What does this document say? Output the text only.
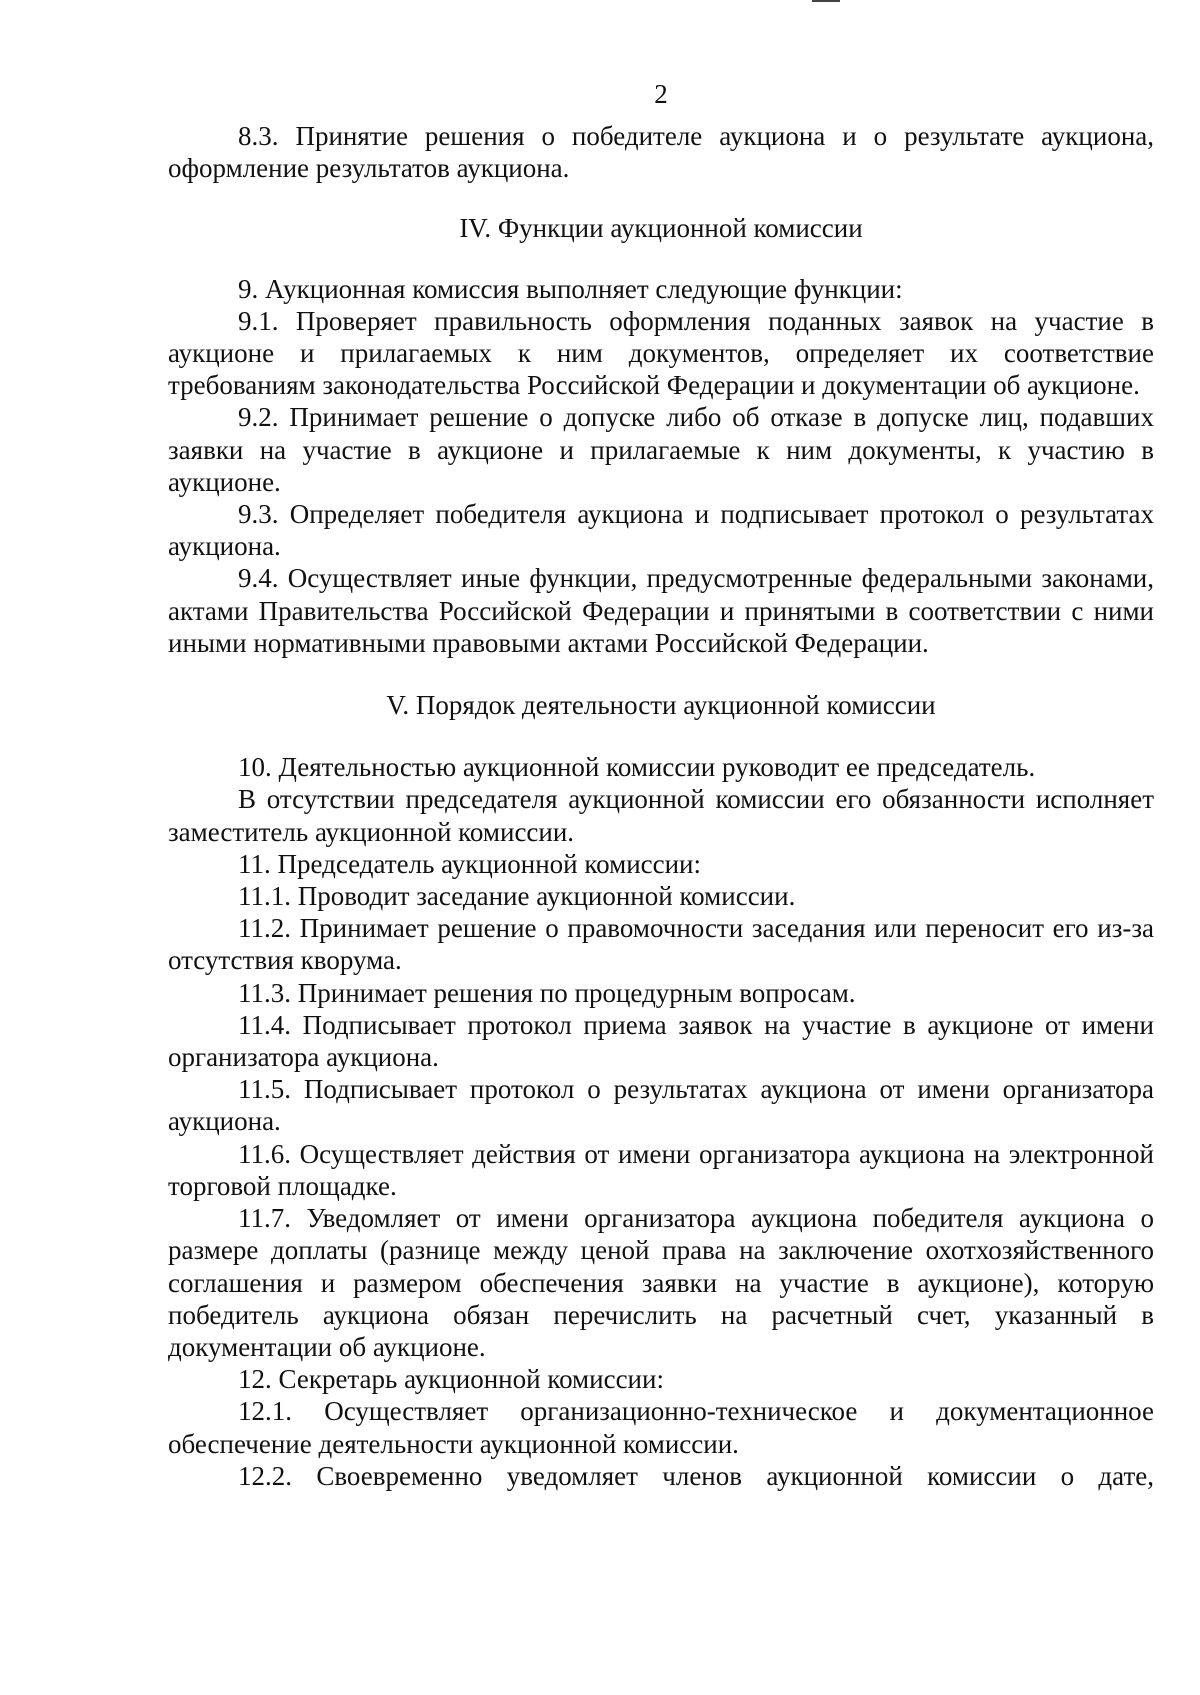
2

8.3. Принятие решения о победителе аукциона и о результате аукциона, оформление результатов аукциона.

IV. Функции аукционной комиссии

9. Аукционная комиссия выполняет следующие функции:

9.1. Проверяет правильность оформления поданных заявок на участие в аукционе и прилагаемых к ним документов, определяет их соответствие требованиям законодательства Российской Федерации и документации об аукционе.

9.2. Принимает решение о допуске либо об отказе в допуске лиц, подавших заявки на участие в аукционе и прилагаемые к ним документы, к участию в аукционе.

9.3. Определяет победителя аукциона и подписывает протокол о результатах аукциона.

9.4. Осуществляет иные функции, предусмотренные федеральными законами, актами Правительства Российской Федерации и принятыми в соответствии с ними иными нормативными правовыми актами Российской Федерации.

V. Порядок деятельности аукционной комиссии

10. Деятельностью аукционной комиссии руководит ее председатель.

В отсутствии председателя аукционной комиссии его обязанности исполняет заместитель аукционной комиссии.

11. Председатель аукционной комиссии:

11.1. Проводит заседание аукционной комиссии.

11.2. Принимает решение о правомочности заседания или переносит его из-за отсутствия кворума.

11.3. Принимает решения по процедурным вопросам.

11.4. Подписывает протокол приема заявок на участие в аукционе от имени организатора аукциона.

11.5. Подписывает протокол о результатах аукциона от имени организатора аукциона.

11.6. Осуществляет действия от имени организатора аукциона на электронной торговой площадке.

11.7. Уведомляет от имени организатора аукциона победителя аукциона о размере доплаты (разнице между ценой права на заключение охотхозяйственного соглашения и размером обеспечения заявки на участие в аукционе), которую победитель аукциона обязан перечислить на расчетный счет, указанный в документации об аукционе.

12. Секретарь аукционной комиссии:

12.1. Осуществляет организационно-техническое и документационное обеспечение деятельности аукционной комиссии.

12.2. Своевременно уведомляет членов аукционной комиссии о дате,
